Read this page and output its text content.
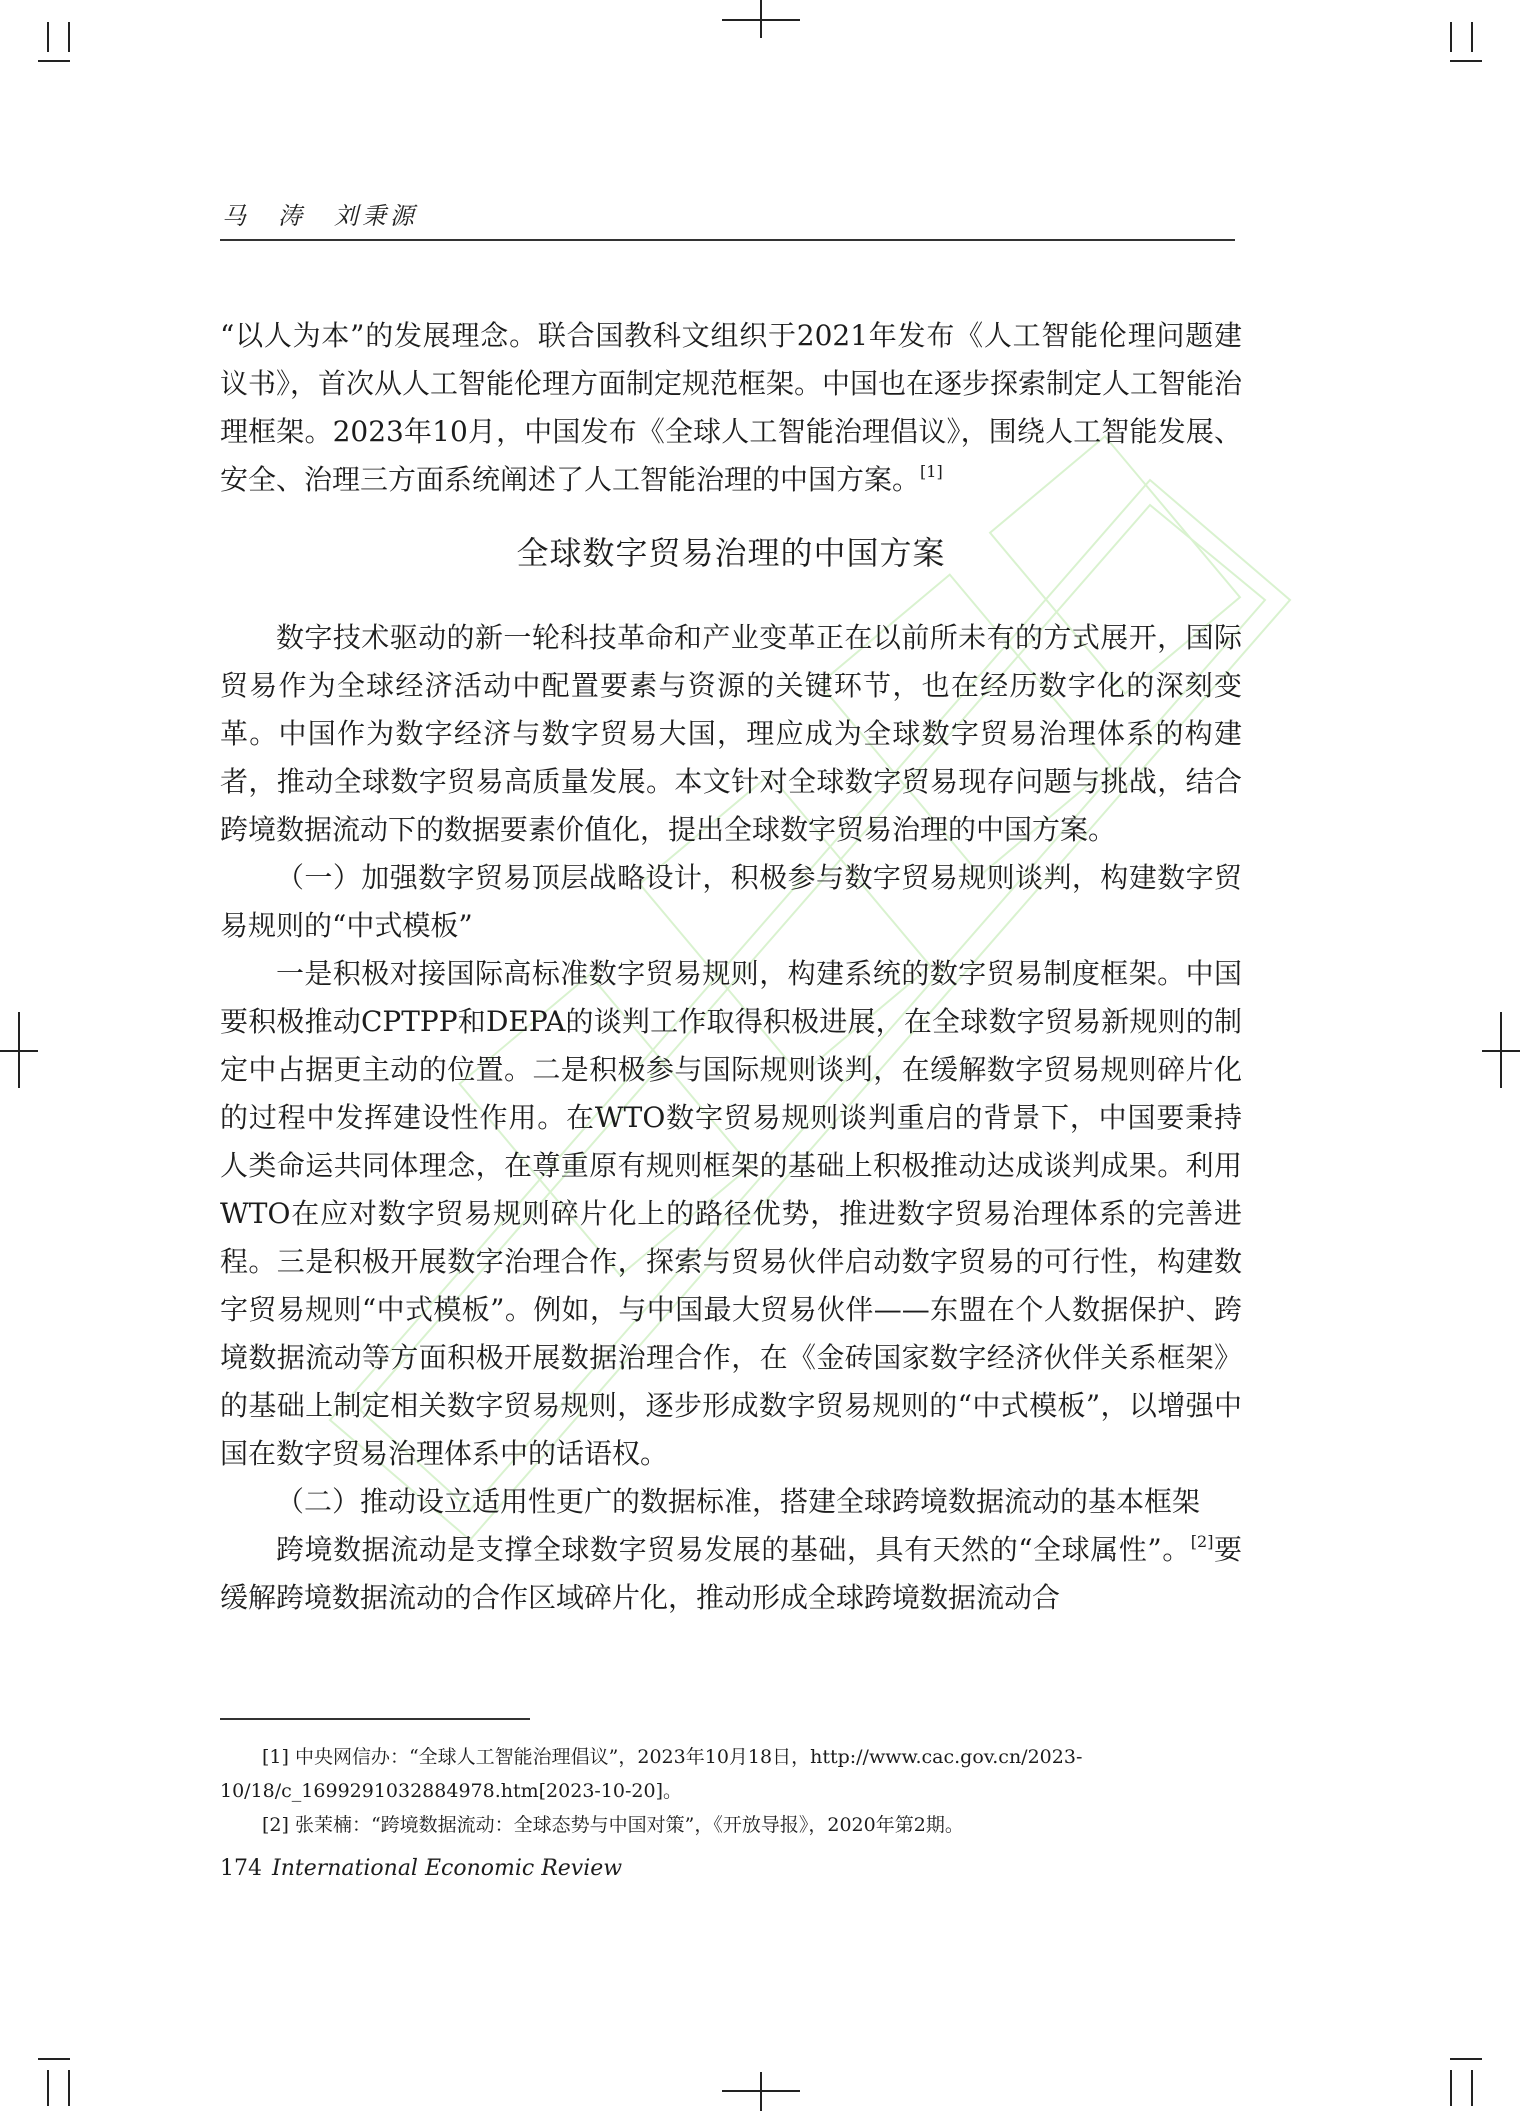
马　涛　刘秉源

“以人为本”的发展理念。联合国教科文组织于2021年发布《人工智能伦理问题建议书》，首次从人工智能伦理方面制定规范框架。中国也在逐步探索制定人工智能治理框架。2023年10月，中国发布《全球人工智能治理倡议》，围绕人工智能发展、安全、治理三方面系统阐述了人工智能治理的中国方案。[1]

全球数字贸易治理的中国方案

数字技术驱动的新一轮科技革命和产业变革正在以前所未有的方式展开，国际贸易作为全球经济活动中配置要素与资源的关键环节，也在经历数字化的深刻变革。中国作为数字经济与数字贸易大国，理应成为全球数字贸易治理体系的构建者，推动全球数字贸易高质量发展。本文针对全球数字贸易现存问题与挑战，结合跨境数据流动下的数据要素价值化，提出全球数字贸易治理的中国方案。

（一）加强数字贸易顶层战略设计，积极参与数字贸易规则谈判，构建数字贸易规则的“中式模板”

一是积极对接国际高标准数字贸易规则，构建系统的数字贸易制度框架。中国要积极推动CPTPP和DEPA的谈判工作取得积极进展，在全球数字贸易新规则的制定中占据更主动的位置。二是积极参与国际规则谈判，在缓解数字贸易规则碎片化的过程中发挥建设性作用。在WTO数字贸易规则谈判重启的背景下，中国要秉持人类命运共同体理念，在尊重原有规则框架的基础上积极推动达成谈判成果。利用WTO在应对数字贸易规则碎片化上的路径优势，推进数字贸易治理体系的完善进程。三是积极开展数字治理合作，探索与贸易伙伴启动数字贸易的可行性，构建数字贸易规则“中式模板”。例如，与中国最大贸易伙伴——东盟在个人数据保护、跨境数据流动等方面积极开展数据治理合作，在《金砖国家数字经济伙伴关系框架》的基础上制定相关数字贸易规则，逐步形成数字贸易规则的“中式模板”，以增强中国在数字贸易治理体系中的话语权。

（二）推动设立适用性更广的数据标准，搭建全球跨境数据流动的基本框架

跨境数据流动是支撑全球数字贸易发展的基础，具有天然的“全球属性”。[2]要缓解跨境数据流动的合作区域碎片化，推动形成全球跨境数据流动合

[1] 中央网信办：“全球人工智能治理倡议”，2023年10月18日，http://www.cac.gov.cn/2023-10/18/c_1699291032884978.htm[2023-10-20]。

[2] 张茉楠：“跨境数据流动：全球态势与中国对策”，《开放导报》，2020年第2期。

174 International Economic Review
